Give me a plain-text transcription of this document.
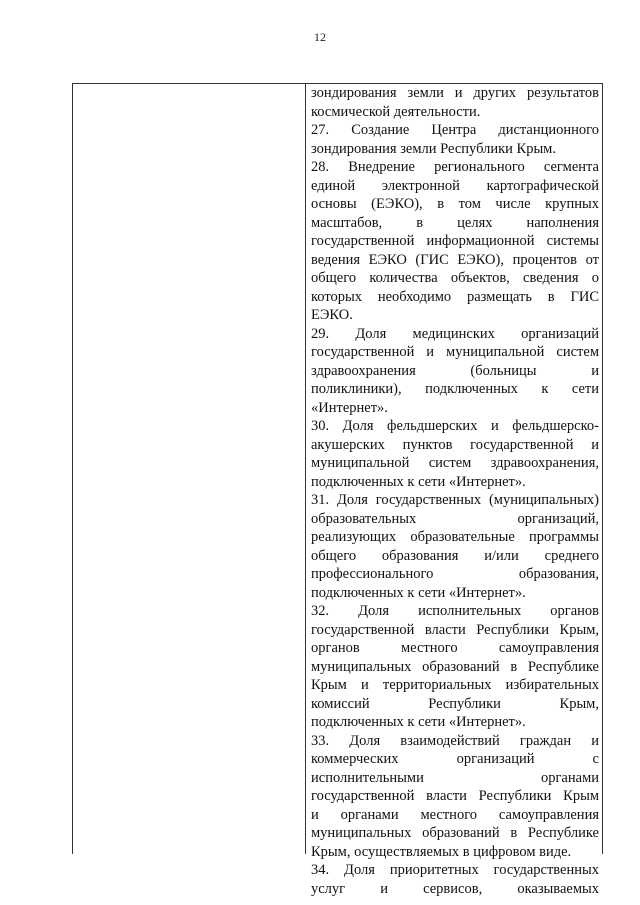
12
зондирования земли и других результатов
космической деятельности.
27. Создание Центра дистанционного
зондирования земли Республики Крым.
28. Внедрение регионального сегмента
единой электронной картографической
основы (ЕЭКО), в том числе крупных
масштабов, в целях наполнения
государственной информационной системы
ведения ЕЭКО (ГИС ЕЭКО), процентов от
общего количества объектов, сведения о
которых необходимо размещать в ГИС
ЕЭКО.
29. Доля медицинских организаций
государственной и муниципальной систем
здравоохранения (больницы и
поликлиники), подключенных к сети
«Интернет».
30. Доля фельдшерских и фельдшерско-
акушерских пунктов государственной и
муниципальной систем здравоохранения,
подключенных к сети «Интернет».
31. Доля государственных (муниципальных)
образовательных организаций,
реализующих образовательные программы
общего образования и/или среднего
профессионального образования,
подключенных к сети «Интернет».
32. Доля исполнительных органов
государственной власти Республики Крым,
органов местного самоуправления
муниципальных образований в Республике
Крым и территориальных избирательных
комиссий Республики Крым,
подключенных к сети «Интернет».
33. Доля взаимодействий граждан и
коммерческих организаций с
исполнительными органами
государственной власти Республики Крым
и органами местного самоуправления
муниципальных образований в Республике
Крым, осуществляемых в цифровом виде.
34. Доля приоритетных государственных
услуг и сервисов, оказываемых
